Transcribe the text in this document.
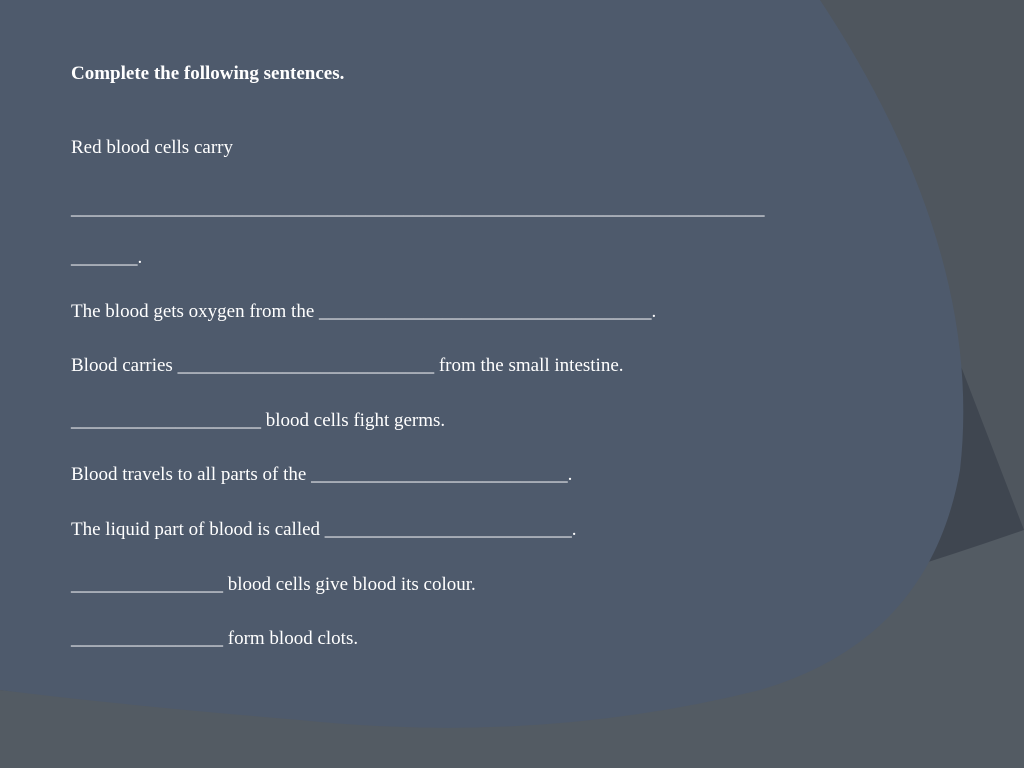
Complete the following sentences.
Red blood cells carry
_________________________________________________________________________
_______.
The blood gets oxygen from the ___________________________________.
Blood carries ___________________________ from the small intestine.
____________________ blood cells fight germs.
Blood travels to all parts of the ___________________________.
The liquid part of blood is called __________________________.
________________ blood cells give blood its colour.
________________ form blood clots.
